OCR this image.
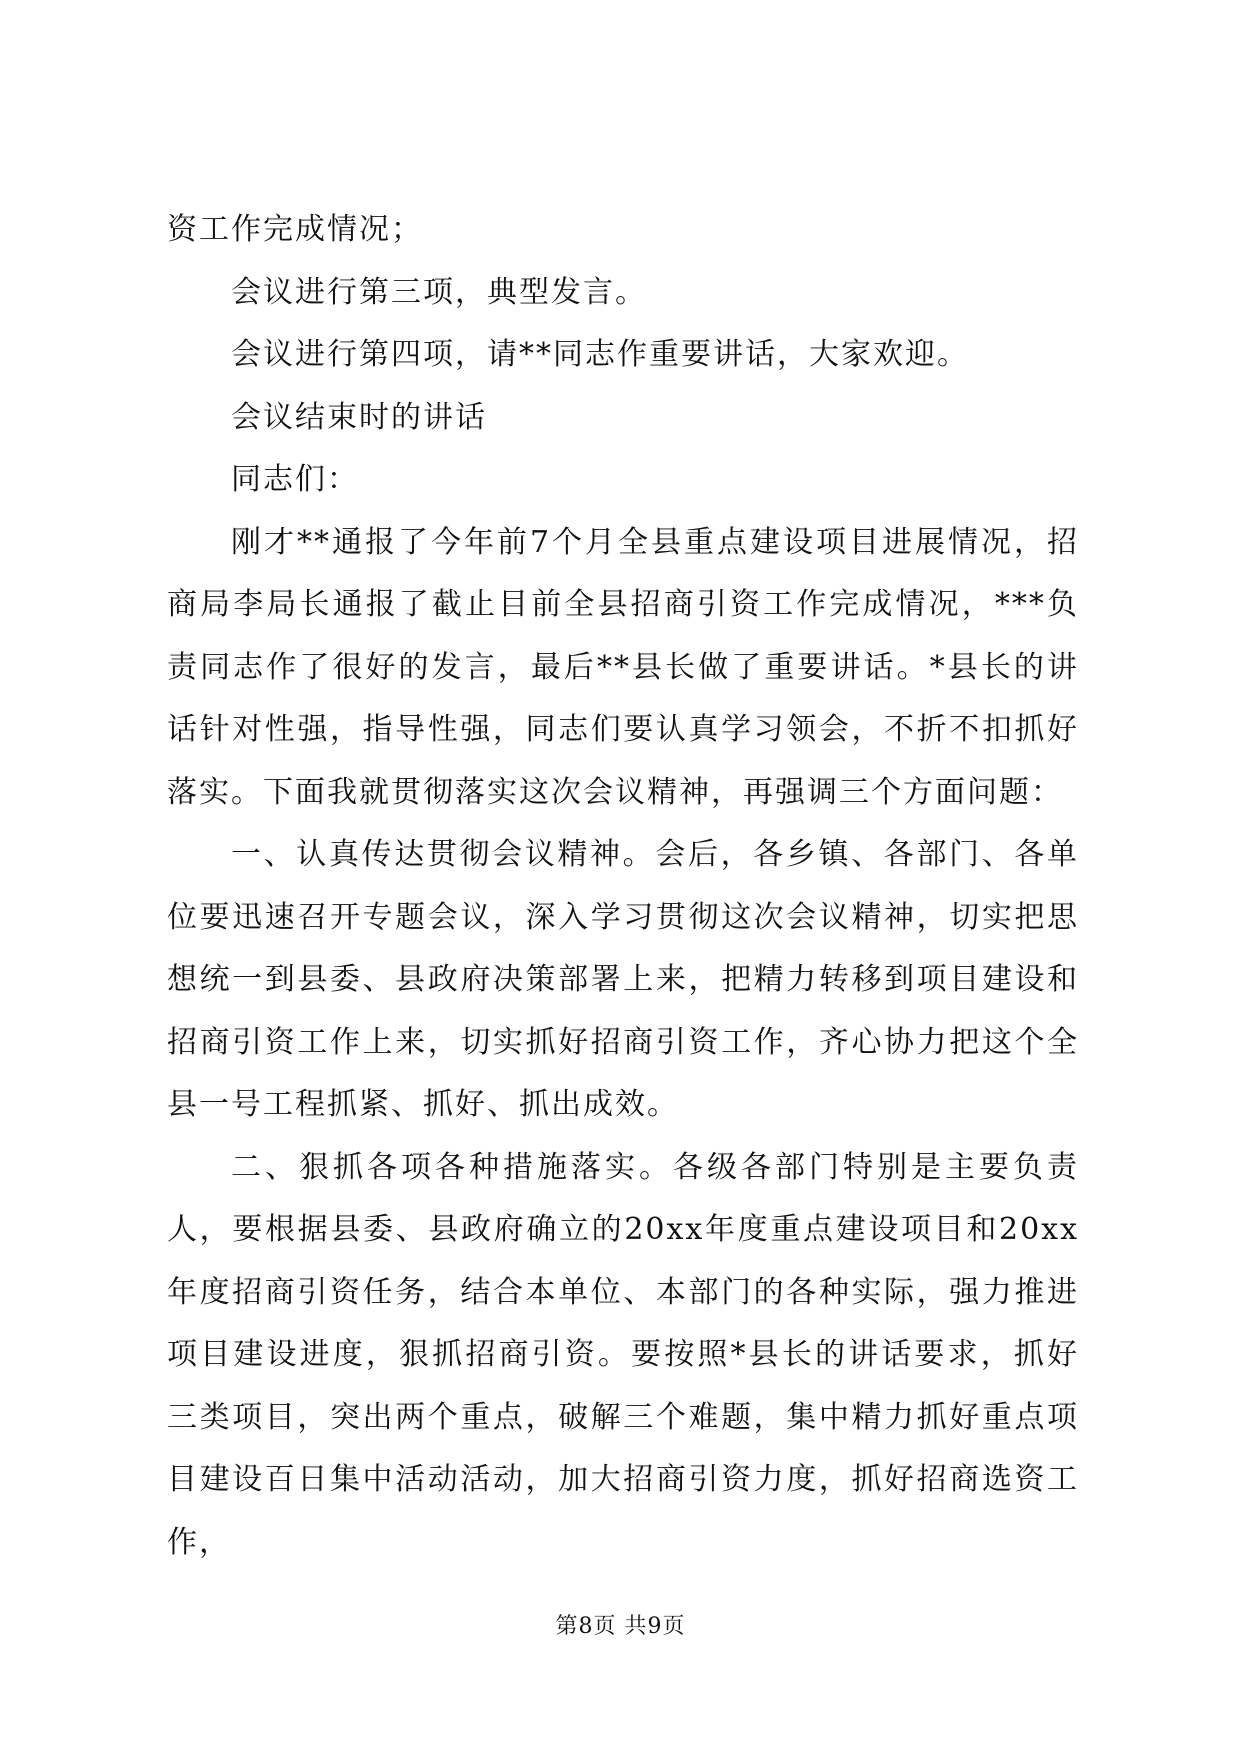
资工作完成情况；

会议进行第三项，典型发言。

会议进行第四项，请**同志作重要讲话，大家欢迎。

会议结束时的讲话

同志们：

刚才**通报了今年前7个月全县重点建设项目进展情况，招商局李局长通报了截止目前全县招商引资工作完成情况，***负责同志作了很好的发言，最后**县长做了重要讲话。*县长的讲话针对性强，指导性强，同志们要认真学习领会，不折不扣抓好落实。下面我就贯彻落实这次会议精神，再强调三个方面问题：

一、认真传达贯彻会议精神。会后，各乡镇、各部门、各单位要迅速召开专题会议，深入学习贯彻这次会议精神，切实把思想统一到县委、县政府决策部署上来，把精力转移到项目建设和招商引资工作上来，切实抓好招商引资工作，齐心协力把这个全县一号工程抓紧、抓好、抓出成效。

二、狠抓各项各种措施落实。各级各部门特别是主要负责人，要根据县委、县政府确立的20xx年度重点建设项目和20xx年度招商引资任务，结合本单位、本部门的各种实际，强力推进项目建设进度，狠抓招商引资。要按照*县长的讲话要求，抓好三类项目，突出两个重点，破解三个难题，集中精力抓好重点项目建设百日集中活动活动，加大招商引资力度，抓好招商选资工作，

第8页 共9页
